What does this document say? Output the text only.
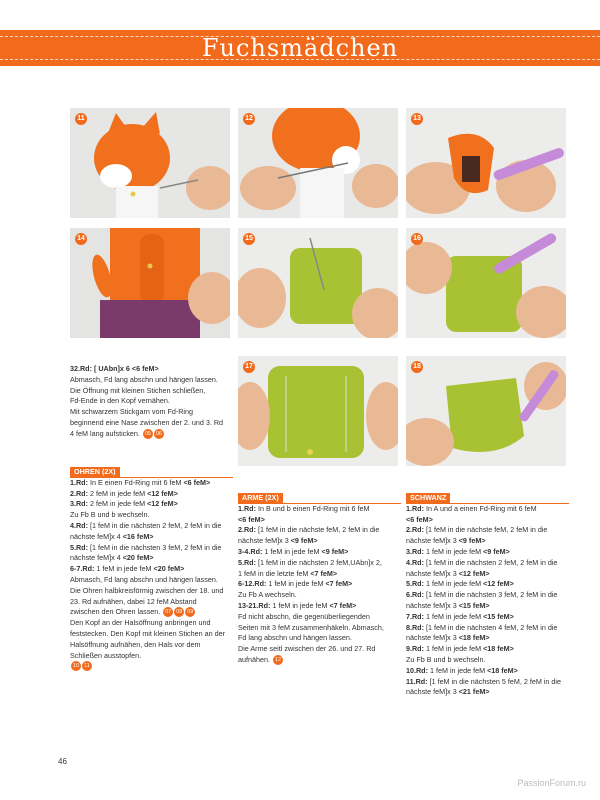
Fuchsmädchen
11	12	13
14	15	16
17	18
32.Rd: [ UAbn]x 6 <6 feM>
Abmasch, Fd lang abschn und hängen lassen.
Die Öffnung mit kleinen Stichen schließen,
Fd-Ende in den Kopf vernähen.
Mit schwarzem Stickgarn vom Fd-Ring
beginnend eine Nase zwischen der 2. und 3. Rd
4 feM lang aufsticken. 05 06
OHREN (2X)
1.Rd: In E einen Fd-Ring mit 6 feM <6 feM>
2.Rd: 2 feM in jede feM <12 feM>
3.Rd: 2 feM in jede feM <12 feM>
Zu Fb B und b wechseln.
4.Rd: [1 feM in die nächsten 2 feM, 2 feM in die
nächste feM]x 4 <16 feM>
5.Rd: [1 feM in die nächsten 3 feM, 2 feM in die
nächste feM]x 4 <20 feM>
6-7.Rd: 1 feM in jede feM <20 feM>
Abmasch, Fd lang abschn und hängen lassen.
Die Ohren halbkreisförmig zwischen der 18. und
23. Rd aufnähen, dabei 12 feM Abstand
zwischen den Ohren lassen. 07 08 09
Den Kopf an der Halsöffnung anbringen und
feststecken. Den Kopf mit kleinen Stichen an der
Halsöffnung aufnähen, den Hals vor dem
Schließen ausstopfen.
10 11
ARME (2X)
1.Rd: In B und b einen Fd-Ring mit 6 feM
<6 feM>
2.Rd: [1 feM in die nächste feM, 2 feM in die
nächste feM]x 3 <9 feM>
3-4.Rd: 1 feM in jede feM <9 feM>
5.Rd: [1 feM in die nächsten 2 feM,UAbn]x 2,
1 feM in die letzte feM <7 feM>
6-12.Rd: 1 feM in jede feM <7 feM>
Zu Fb A wechseln.
13-21.Rd: 1 feM in jede feM <7 feM>
Fd nicht abschn, die gegenüberliegenden
Seiten mit 3 feM zusammenhäkeln. Abmasch,
Fd lang abschn und hängen lassen.
Die Arme seitl zwischen der 26. und 27. Rd
aufnähen. 12
SCHWANZ
1.Rd: In A und a einen Fd-Ring mit 6 feM
<6 feM>
2.Rd: [1 feM in die nächste feM, 2 feM in die
nächste feM]x 3 <9 feM>
3.Rd: 1 feM in jede feM <9 feM>
4.Rd: [1 feM in die nächsten 2 feM, 2 feM in die
nächste feM]x 3 <12 feM>
5.Rd: 1 feM in jede feM <12 feM>
6.Rd: [1 feM in die nächsten 3 feM, 2 feM in die
nächste feM]x 3 <15 feM>
7.Rd: 1 feM in jede feM <15 feM>
8.Rd: [1 feM in die nächsten 4 feM, 2 feM in die
nächste feM]x 3 <18 feM>
9.Rd: 1 feM in jede feM <18 feM>
Zu Fb B und b wechseln.
10.Rd: 1 feM in jede feM <18 feM>
11.Rd: [1 feM in die nächsten 5 feM, 2 feM in die
nächste feM]x 3 <21 feM>
46
PassionForum.ru
